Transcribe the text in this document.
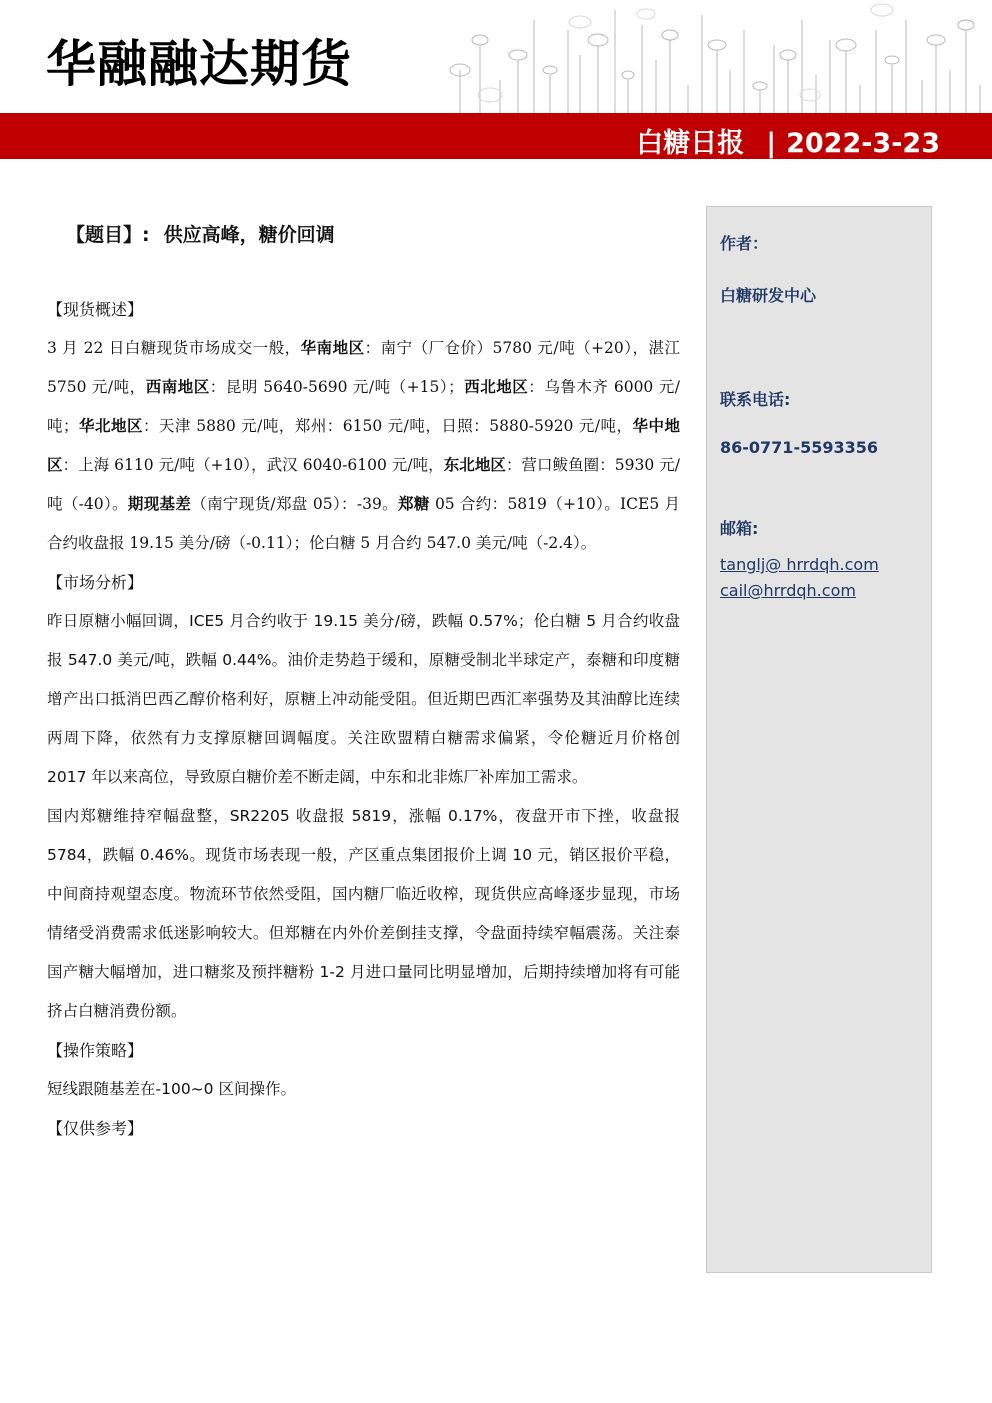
华融融达期货
白糖日报 | 2022-3-23
【题目】: 供应高峰，糖价回调
【现货概述】
3 月 22 日白糖现货市场成交一般，华南地区：南宁（厂仓价）5780 元/吨（+20），湛江 5750 元/吨，西南地区：昆明 5640-5690 元/吨（+15）；西北地区：乌鲁木齐 6000 元/吨；华北地区：天津 5880 元/吨，郑州：6150 元/吨，日照：5880-5920 元/吨，华中地区：上海 6110 元/吨（+10），武汉 6040-6100 元/吨，东北地区：营口鲅鱼圈：5930 元/吨（-40）。期现基差（南宁现货/郑盘 05）：-39。郑糖 05 合约：5819（+10）。ICE5 月合约收盘报 19.15 美分/磅（-0.11）；伦白糖 5 月合约 547.0 美元/吨（-2.4）。
【市场分析】
昨日原糖小幅回调，ICE5 月合约收于 19.15 美分/磅，跌幅 0.57%；伦白糖 5 月合约收盘报 547.0 美元/吨，跌幅 0.44%。油价走势趋于缓和，原糖受制北半球定产，泰糖和印度糖增产出口抵消巴西乙醇价格利好，原糖上冲动能受阻。但近期巴西汇率强势及其油醇比连续两周下降，依然有力支撑原糖回调幅度。关注欧盟精白糖需求偏紧，令伦糖近月价格创 2017 年以来高位，导致原白糖价差不断走阔，中东和北非炼厂补库加工需求。
国内郑糖维持窄幅盘整，SR2205 收盘报 5819，涨幅 0.17%，夜盘开市下挫，收盘报 5784，跌幅 0.46%。现货市场表现一般，产区重点集团报价上调 10 元，销区报价平稳，中间商持观望态度。物流环节依然受阻，国内糖厂临近收榨，现货供应高峰逐步显现，市场情绪受消费需求低迷影响较大。但郑糖在内外价差倒挂支撑，令盘面持续窄幅震荡。关注泰国产糖大幅增加，进口糖浆及预拌糖粉 1-2 月进口量同比明显增加，后期持续增加将有可能挤占白糖消费份额。
【操作策略】
短线跟随基差在-100~0 区间操作。
【仅供参考】
作者：
白糖研发中心
联系电话:
86-0771-5593356
邮箱:
tanglj@ hrrdqh.com
cail@hrrdqh.com
